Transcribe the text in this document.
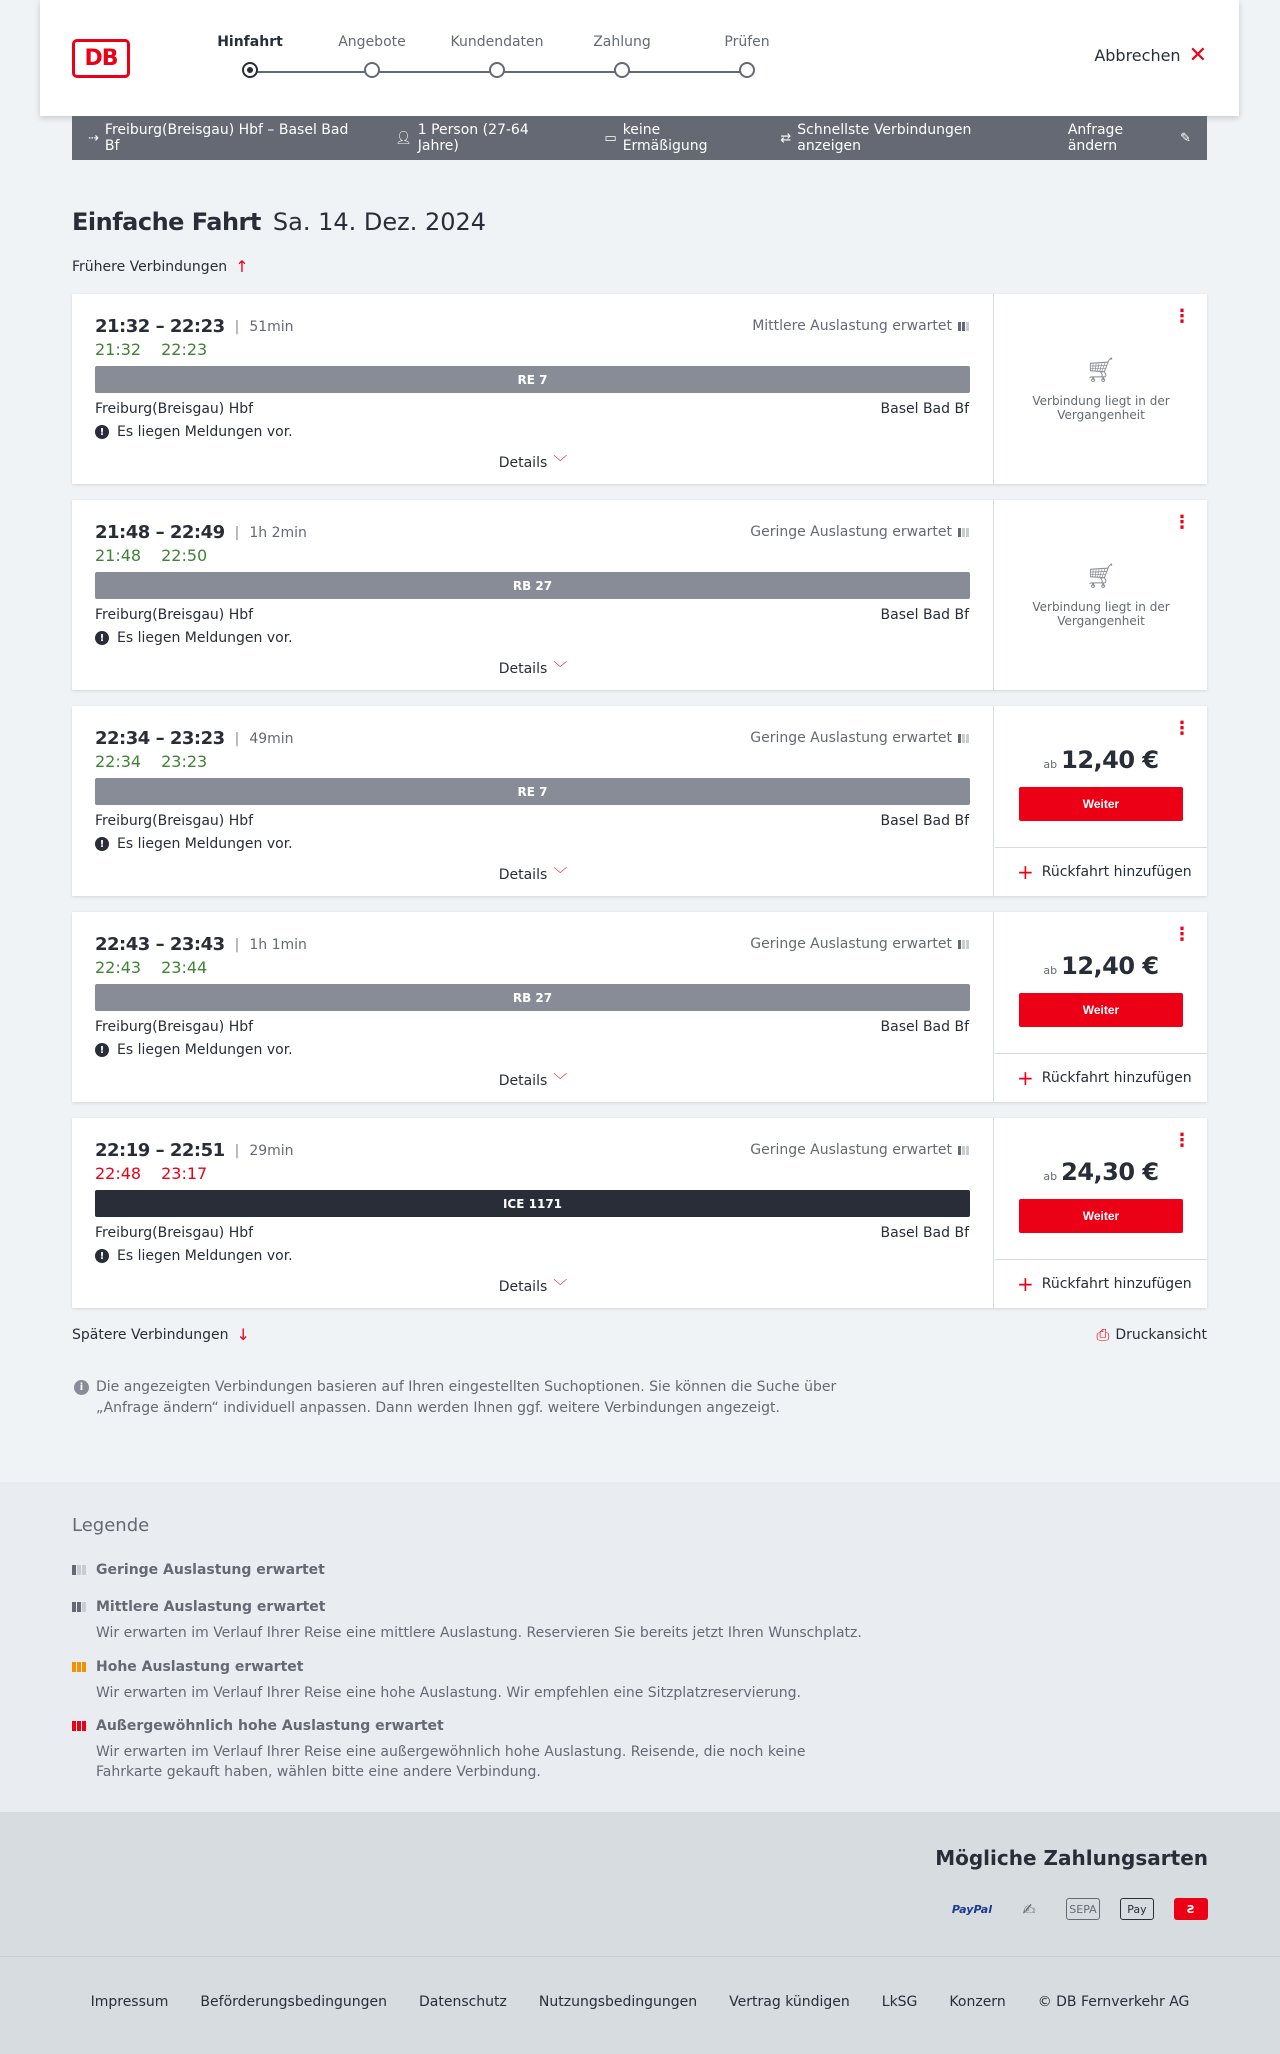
DB
Hinfahrt	Angebote	Kundendaten	Zahlung	Prüfen
Abbrechen ✕
⇢ Freiburg(Breisgau) Hbf – Basel Bad Bf	👤︎ 1 Person (27-64 Jahre)	▭ keine Ermäßigung	⇄ Schnellste Verbindungen anzeigen
Anfrage ändern	✎
Einfache Fahrt Sa. 14. Dez. 2024
Frühere Verbindungen ↑
21:32 – 22:23 | 51min
21:32 22:23
Mittlere Auslastung erwartet
RE 7
Freiburg(Breisgau) Hbf	Basel Bad Bf
! Es liegen Meldungen vor.
Details ﹀
⋮
🛒︎
Verbindung liegt in der Vergangenheit
21:48 – 22:49 | 1h 2min
21:48 22:50
Geringe Auslastung erwartet
RB 27
Freiburg(Breisgau) Hbf	Basel Bad Bf
! Es liegen Meldungen vor.
Details ﹀
⋮
🛒︎
Verbindung liegt in der Vergangenheit
22:34 – 23:23 | 49min
22:34 23:23
Geringe Auslastung erwartet
RE 7
Freiburg(Breisgau) Hbf	Basel Bad Bf
! Es liegen Meldungen vor.
Details ﹀
⋮
ab 12,40 €
Weiter
+ Rückfahrt hinzufügen
22:43 – 23:43 | 1h 1min
22:43 23:44
Geringe Auslastung erwartet
RB 27
Freiburg(Breisgau) Hbf	Basel Bad Bf
! Es liegen Meldungen vor.
Details ﹀
⋮
ab 12,40 €
Weiter
+ Rückfahrt hinzufügen
22:19 – 22:51 | 29min
22:48 23:17
Geringe Auslastung erwartet
ICE 1171
Freiburg(Breisgau) Hbf	Basel Bad Bf
! Es liegen Meldungen vor.
Details ﹀
⋮
ab 24,30 €
Weiter
+ Rückfahrt hinzufügen
Spätere Verbindungen ↓	⎙ Druckansicht
i Die angezeigten Verbindungen basieren auf Ihren eingestellten Suchoptionen. Sie können die Suche über „Anfrage ändern“ individuell anpassen. Dann werden Ihnen ggf. weitere Verbindungen angezeigt.
Legende
Geringe Auslastung erwartet
Mittlere Auslastung erwartet
Wir erwarten im Verlauf Ihrer Reise eine mittlere Auslastung. Reservieren Sie bereits jetzt Ihren Wunschplatz.
Hohe Auslastung erwartet
Wir erwarten im Verlauf Ihrer Reise eine hohe Auslastung. Wir empfehlen eine Sitzplatzreservierung.
Außergewöhnlich hohe Auslastung erwartet
Wir erwarten im Verlauf Ihrer Reise eine außergewöhnlich hohe Auslastung. Reisende, die noch keine Fahrkarte gekauft haben, wählen bitte eine andere Verbindung.
Mögliche Zahlungsarten
PayPal	✍	SEPA	Pay	Ƨ
Impressum Beförderungsbedingungen Datenschutz Nutzungsbedingungen Vertrag kündigen LkSG Konzern © DB Fernverkehr AG
